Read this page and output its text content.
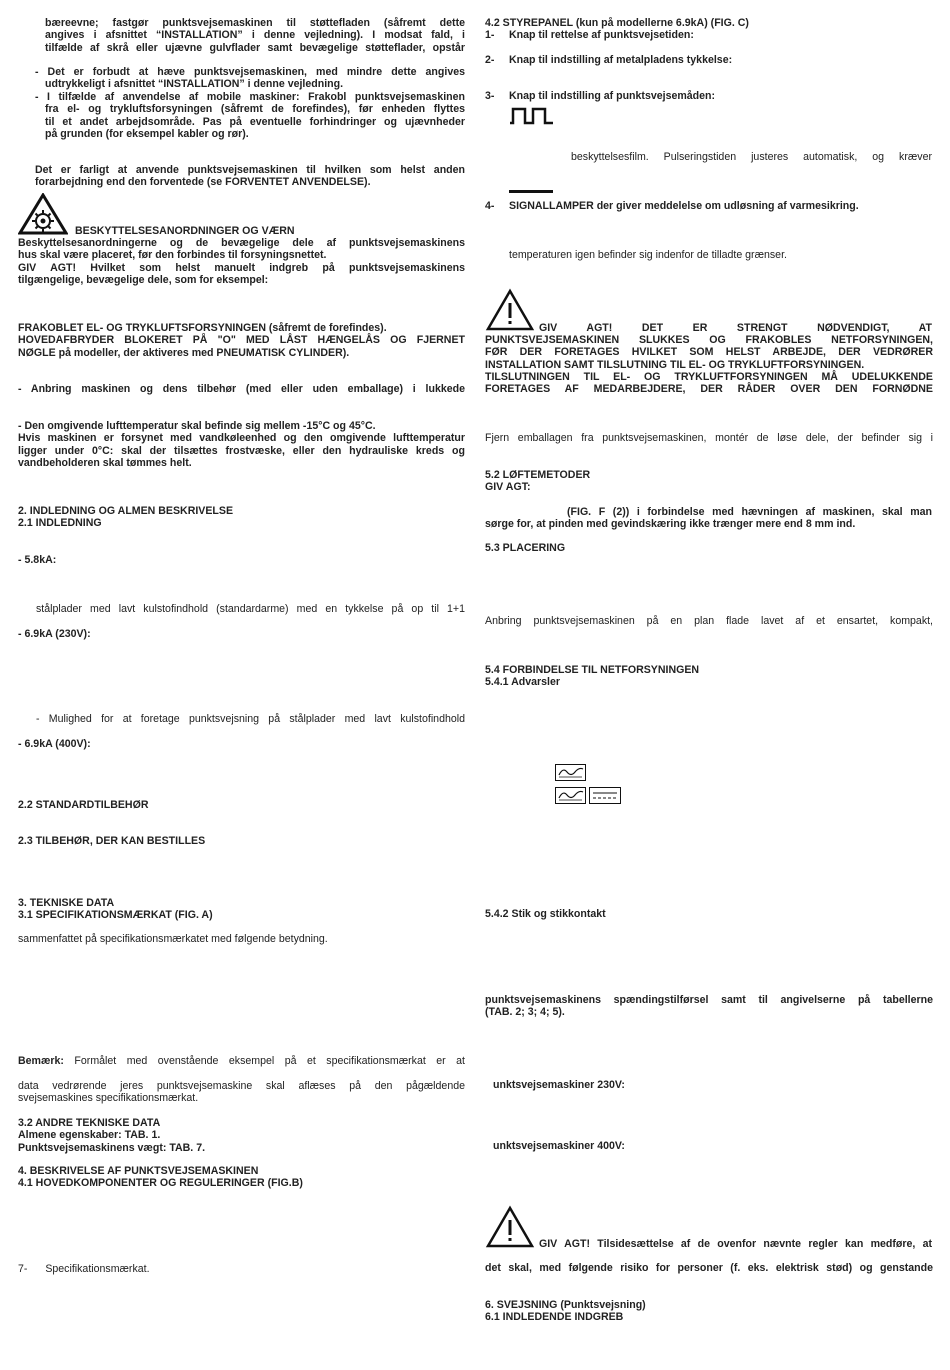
bæreevne; fastgør punktsvejsemaskinen til støttefladen (såfremt dette
angives i afsnittet “INSTALLATION” i denne vejledning). I modsat fald, i
tilfælde af skrå eller ujævne gulvflader samt bevægelige støtteflader, opstår
- Det er forbudt at hæve punktsvejsemaskinen, med mindre dette angives
udtrykkeligt i afsnittet “INSTALLATION” i denne vejledning.
- I tilfælde af anvendelse af mobile maskiner: Frakobl punktsvejsemaskinen
fra el- og trykluftsforsyningen (såfremt de forefindes), før enheden flyttes
til et andet arbejdsområde. Pas på eventuelle forhindringer og ujævnheder
på grunden (for eksempel kabler og rør).
Det er farligt at anvende punktsvejsemaskinen til hvilken som helst anden
forarbejdning end den forventede (se FORVENTET ANVENDELSE).
BESKYTTELSESANORDNINGER OG VÆRN
Beskyttelsesanordningerne og de bevægelige dele af punktsvejsemaskinens
hus skal være placeret, før den forbindes til forsyningsnettet.
GIV AGT! Hvilket som helst manuelt indgreb på punktsvejsemaskinens
tilgængelige, bevægelige dele, som for eksempel:
FRAKOBLET EL- OG TRYKLUFTSFORSYNINGEN (såfremt de forefindes).
HOVEDAFBRYDER BLOKERET PÅ "O" MED LÅST HÆNGELÅS OG FJERNET
NØGLE på modeller, der aktiveres med PNEUMATISK CYLINDER).
- Anbring maskinen og dens tilbehør (med eller uden emballage) i lukkede
- Den omgivende lufttemperatur skal befinde sig mellem -15°C og 45°C.
Hvis maskinen er forsynet med vandkøleenhed og den omgivende lufttemperatur
ligger under 0°C: skal der tilsættes frostvæske, eller den hydrauliske kreds og
vandbeholderen skal tømmes helt.
2. INDLEDNING OG ALMEN BESKRIVELSE
2.1 INDLEDNING
- 5.8kA:
stålplader med lavt kulstofindhold (standardarme) med en tykkelse på op til 1+1
- 6.9kA (230V):
- Mulighed for at foretage punktsvejsning på stålplader med lavt kulstofindhold
- 6.9kA (400V):
2.2 STANDARDTILBEHØR
2.3 TILBEHØR, DER KAN BESTILLES
3. TEKNISKE DATA
3.1 SPECIFIKATIONSMÆRKAT (FIG. A)
sammenfattet på specifikationsmærkatet med følgende betydning.
Bemærk: Formålet med ovenstående eksempel på et specifikationsmærkat er at
data vedrørende jeres punktsvejsemaskine skal aflæses på den pågældende
svejsemaskines specifikationsmærkat.
3.2 ANDRE TEKNISKE DATA
Almene egenskaber: TAB. 1.
Punktsvejsemaskinens vægt: TAB. 7.
4. BESKRIVELSE AF PUNKTSVEJSEMASKINEN
4.1 HOVEDKOMPONENTER OG REGULERINGER (FIG.B)
7- Specifikationsmærkat.
4.2 STYREPANEL (kun på modellerne 6.9kA) (FIG. C)
1- Knap til rettelse af punktsvejsetiden:
2- Knap til indstilling af metalpladens tykkelse:
3- Knap til indstilling af punktsvejsemåden:
beskyttelsesfilm. Pulseringstiden justeres automatisk, og kræver
4- SIGNALLAMPER der giver meddelelse om udløsning af varmesikring.
temperaturen igen befinder sig indenfor de tilladte grænser.
GIV AGT! DET ER STRENGT NØDVENDIGT, AT
PUNKTSVEJSEMASKINEN SLUKKES OG FRAKOBLES NETFORSYNINGEN,
FØR DER FORETAGES HVILKET SOM HELST ARBEJDE, DER VEDRØRER
INSTALLATION SAMT TILSLUTNING TIL EL- OG TRYKLUFTFORSYNINGEN.
TILSLUTNINGEN TIL EL- OG TRYKLUFTFORSYNINGEN MÅ UDELUKKENDE
FORETAGES AF MEDARBEJDERE, DER RÅDER OVER DEN FORNØDNE
Fjern emballagen fra punktsvejsemaskinen, montér de løse dele, der befinder sig i
5.2 LØFTEMETODER
GIV AGT:
(FIG. F (2)) i forbindelse med hævningen af maskinen, skal man
sørge for, at pinden med gevindskæring ikke trænger mere end 8 mm ind.
5.3 PLACERING
Anbring punktsvejsemaskinen på en plan flade lavet af et ensartet, kompakt,
5.4 FORBINDELSE TIL NETFORSYNINGEN
5.4.1 Advarsler
5.4.2 Stik og stikkontakt
punktsvejsemaskinens spændingstilførsel samt til angivelserne på tabellerne
(TAB. 2; 3; 4; 5).
unktsvejsemaskiner 230V:
unktsvejsemaskiner 400V:
GIV AGT! Tilsidesættelse af de ovenfor nævnte regler kan medføre, at
det skal, med følgende risiko for personer (f. eks. elektrisk stød) og genstande
6. SVEJSNING (Punktsvejsning)
6.1 INDLEDENDE INDGREB
